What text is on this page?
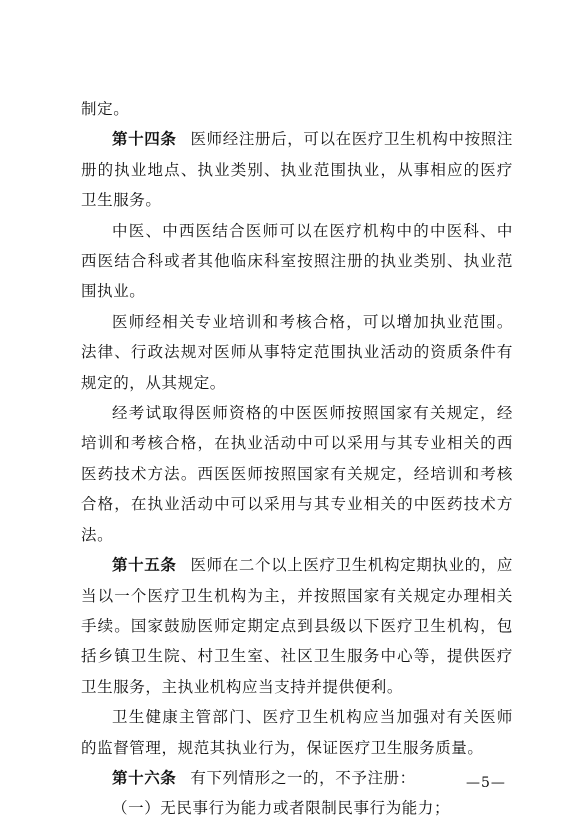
制定。

第十四条 医师经注册后，可以在医疗卫生机构中按照注册的执业地点、执业类别、执业范围执业，从事相应的医疗卫生服务。

中医、中西医结合医师可以在医疗机构中的中医科、中西医结合科或者其他临床科室按照注册的执业类别、执业范围执业。

医师经相关专业培训和考核合格，可以增加执业范围。法律、行政法规对医师从事特定范围执业活动的资质条件有规定的，从其规定。

经考试取得医师资格的中医医师按照国家有关规定，经培训和考核合格，在执业活动中可以采用与其专业相关的西医药技术方法。西医医师按照国家有关规定，经培训和考核合格，在执业活动中可以采用与其专业相关的中医药技术方法。

第十五条 医师在二个以上医疗卫生机构定期执业的，应当以一个医疗卫生机构为主，并按照国家有关规定办理相关手续。国家鼓励医师定期定点到县级以下医疗卫生机构，包括乡镇卫生院、村卫生室、社区卫生服务中心等，提供医疗卫生服务，主执业机构应当支持并提供便利。

卫生健康主管部门、医疗卫生机构应当加强对有关医师的监督管理，规范其执业行为，保证医疗卫生服务质量。

第十六条 有下列情形之一的，不予注册：

（一）无民事行为能力或者限制民事行为能力；

—5—
